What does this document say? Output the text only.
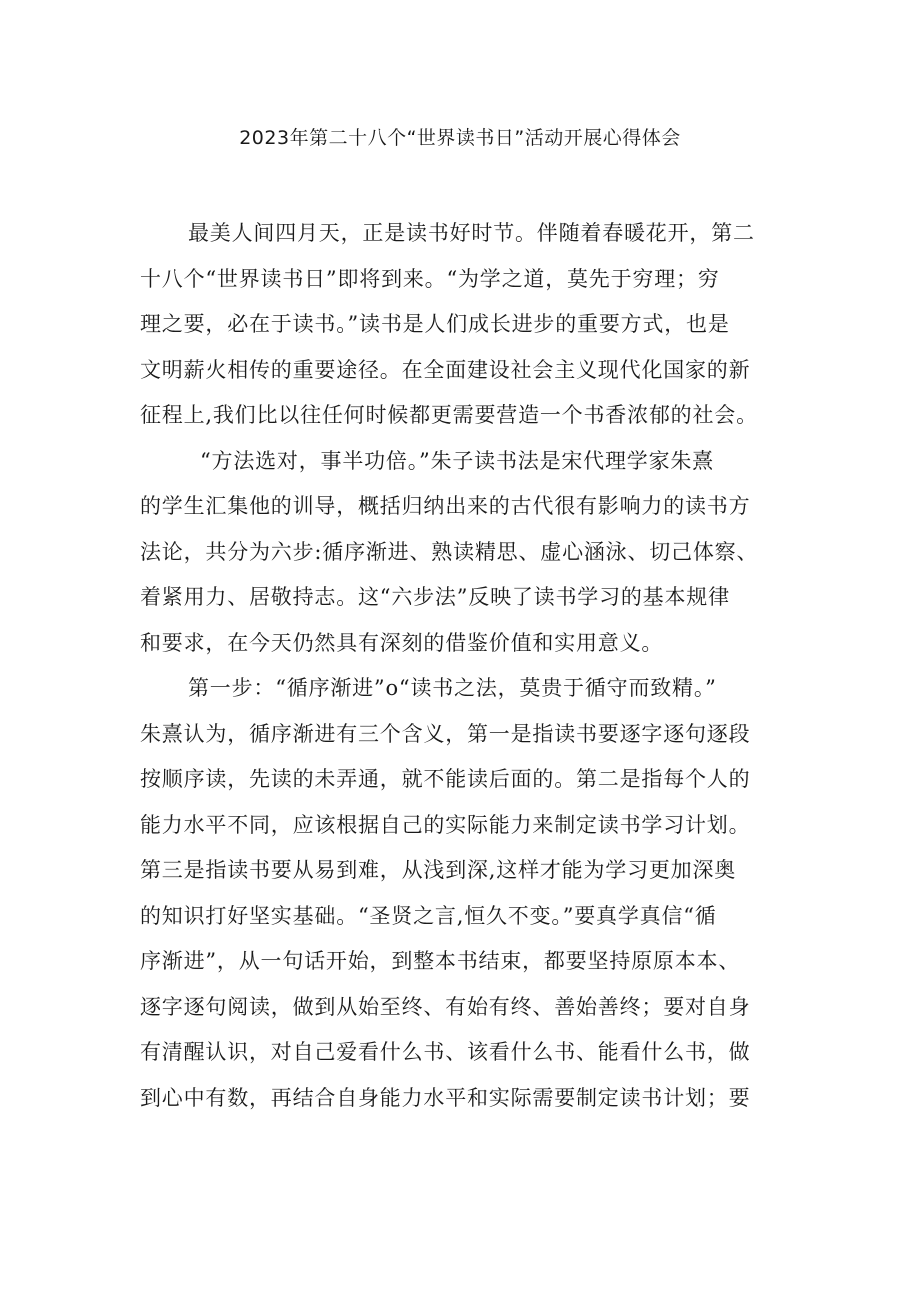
2023年第二十八个“世界读书日”活动开展心得体会
最美人间四月天，正是读书好时节。伴随着春暖花开，第二
十八个“世界读书日”即将到来。“为学之道，莫先于穷理；穷
理之要，必在于读书。”读书是人们成长进步的重要方式，也是
文明薪火相传的重要途径。在全面建设社会主义现代化国家的新
征程上,我们比以往任何时候都更需要营造一个书香浓郁的社会。
“方法选对，事半功倍。”朱子读书法是宋代理学家朱熹
的学生汇集他的训导，概括归纳出来的古代很有影响力的读书方
法论，共分为六步:循序渐进、熟读精思、虚心涵泳、切己体察、
着紧用力、居敬持志。这“六步法”反映了读书学习的基本规律
和要求，在今天仍然具有深刻的借鉴价值和实用意义。
第一步：“循序渐进”o“读书之法，莫贵于循守而致精。”
朱熹认为，循序渐进有三个含义，第一是指读书要逐字逐句逐段
按顺序读，先读的未弄通，就不能读后面的。第二是指每个人的
能力水平不同，应该根据自己的实际能力来制定读书学习计划。
第三是指读书要从易到难，从浅到深,这样才能为学习更加深奥
的知识打好坚实基础。“圣贤之言,恒久不变。”要真学真信“循
序渐进”，从一句话开始，到整本书结束，都要坚持原原本本、
逐字逐句阅读，做到从始至终、有始有终、善始善终；要对自身
有清醒认识，对自己爱看什么书、该看什么书、能看什么书，做
到心中有数，再结合自身能力水平和实际需要制定读书计划；要
